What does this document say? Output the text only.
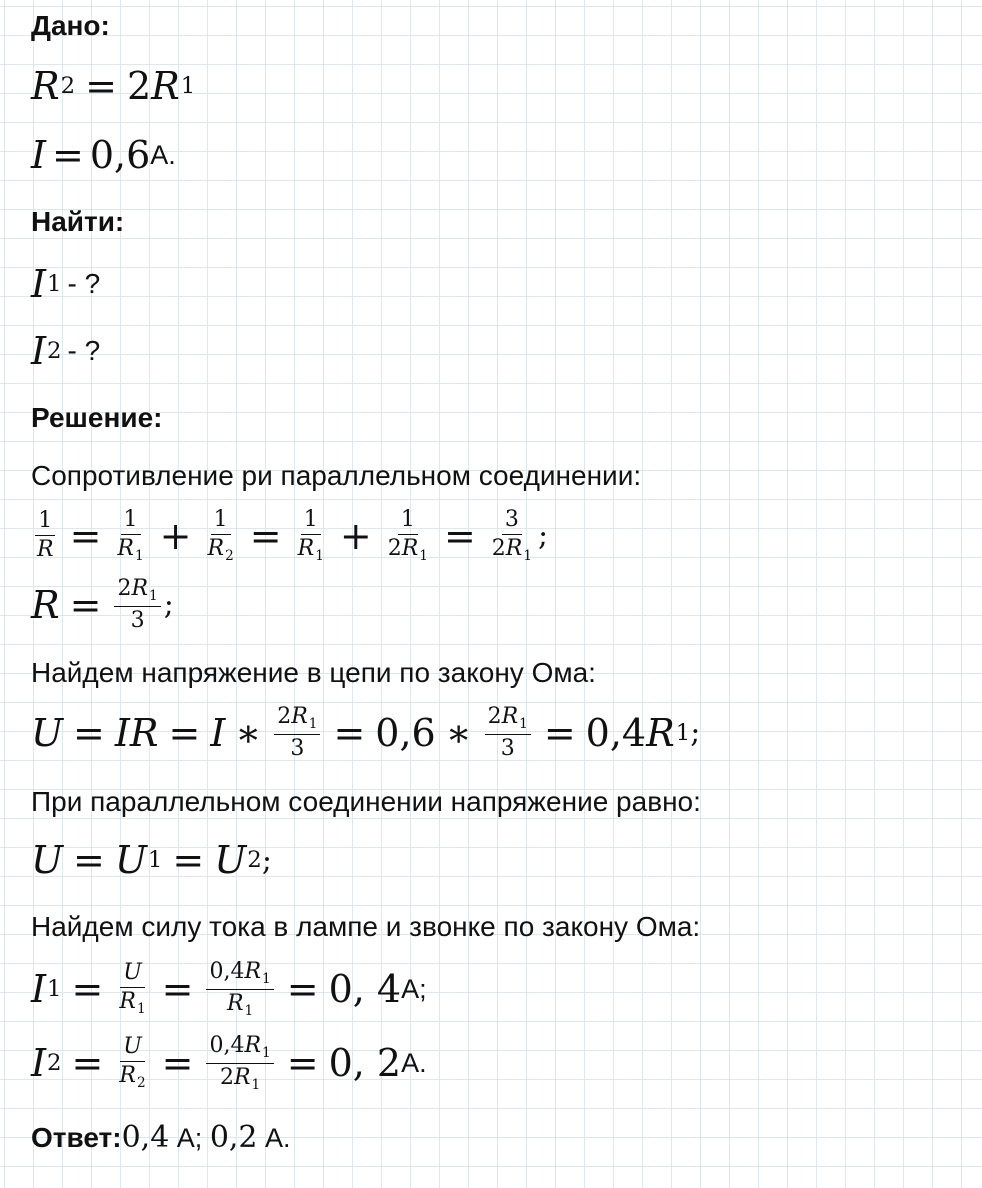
Дано:
R 2 = 2 R 1
I = 0,6 А.
Найти:
I 1 - ?
I 2 - ?
Решение:
Сопротивление ри параллельном соединении:
$\frac{1}{R} = \frac{1}{R_1} + \frac{1}{R_2} = \frac{1}{R_1} + \frac{1}{2R_1} = \frac{3}{2R_1}$ ;
$R = \frac{2R_1}{3}$ ;
Найдем напряжение в цепи по закону Ома:
U = I R = I ∗ $\frac{2R_1}{3} = 0,6$ ∗ $\frac{2R_1}{3} = 0,4$ R 1 ;
При параллельном соединении напряжение равно:
U = U 1 = U 2 ;
Найдем силу тока в лампе и звонке по закону Ома:
I $1 = \frac{U}{R_1} = \frac{0,4R_1}{R_1} = 0$, 4 А;
I $2 = \frac{U}{R_2} = \frac{0,4R_1}{2R_1} = 0$, 2 А.
Ответ:0,4 А; 0,2 А.
